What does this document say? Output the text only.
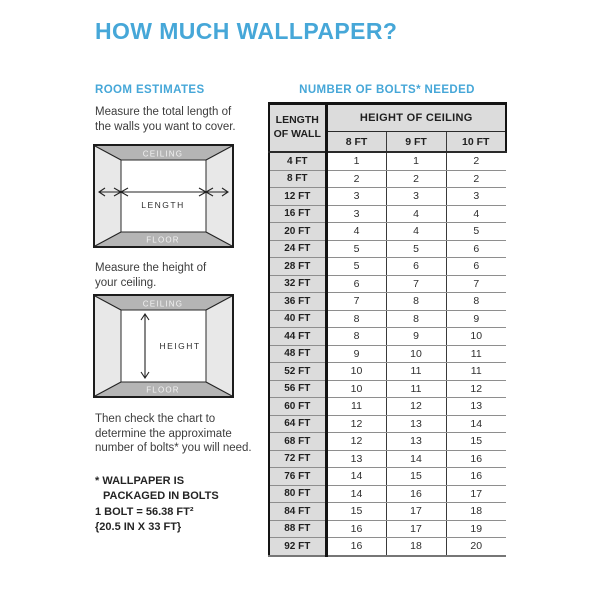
HOW MUCH WALLPAPER?
ROOM ESTIMATES	NUMBER OF BOLTS* NEEDED

Measure the total length of
the walls you want to cover.

CEILING
FLOOR
LENGTH

Measure the height of
your ceiling.

CEILING
FLOOR
HEIGHT

Then check the chart to
determine the approximate
number of bolts* you will need.

* WALLPAPER IS
PACKAGED IN BOLTS

1 BOLT = 56.38 FT²
{20.5 IN X 33 FT}

LENGTH OF WALL	HEIGHT OF CEILING		
	8 FT	9 FT	10 FT
4 FT	1	1	2
8 FT	2	2	2
12 FT	3	3	3
16 FT	3	4	4
20 FT	4	4	5
24 FT	5	5	6
28 FT	5	6	6
32 FT	6	7	7
36 FT	7	8	8
40 FT	8	8	9
44 FT	8	9	10
48 FT	9	10	11
52 FT	10	11	11
56 FT	10	11	12
60 FT	11	12	13
64 FT	12	13	14
68 FT	12	13	15
72 FT	13	14	16
76 FT	14	15	16
80 FT	14	16	17
84 FT	15	17	18
88 FT	16	17	19
92 FT	16	18	20
